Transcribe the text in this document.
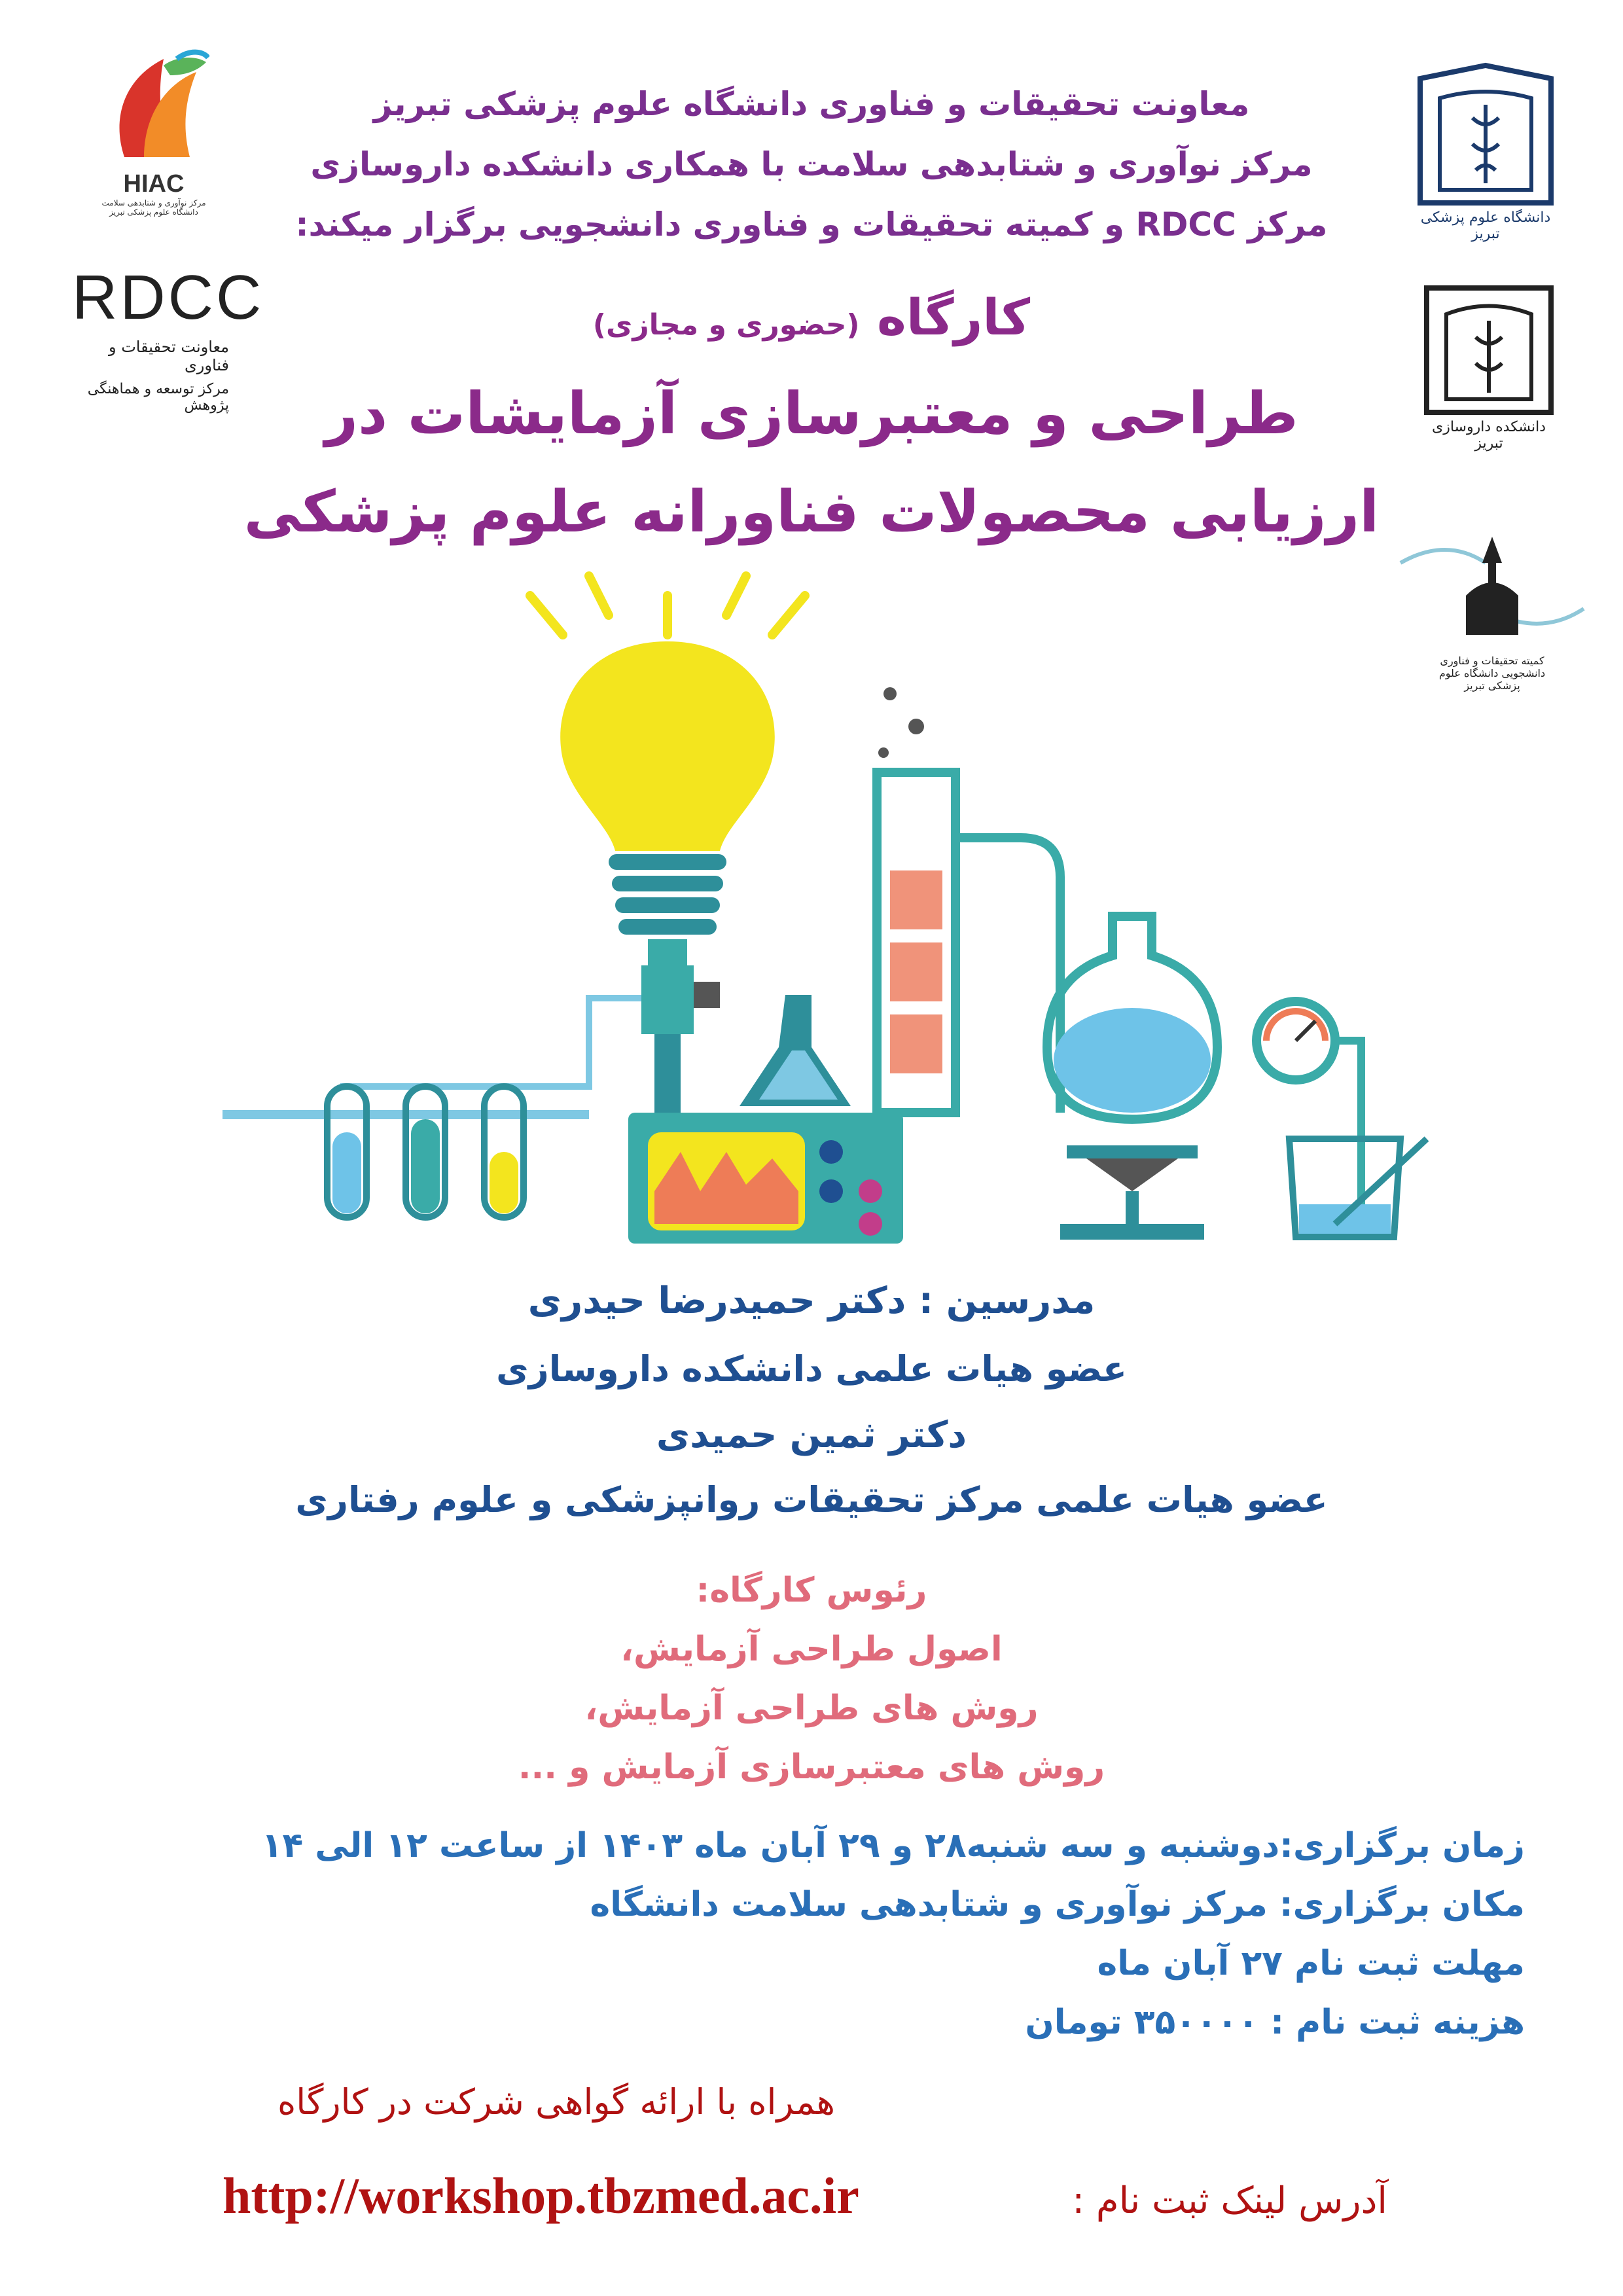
معاونت تحقیقات و فناوری دانشگاه علوم پزشکی تبریز
مرکز نوآوری و شتابدهی سلامت با همکاری دانشکده داروسازی
مرکز RDCC و کمیته تحقیقات و فناوری دانشجویی برگزار میکند:
HIAC
مرکز نوآوری و شتابدهی سلامت دانشگاه علوم پزشکی تبریز
RDCC
معاونت تحقیقات و فناوری
مرکز توسعه و هماهنگی پژوهش
دانشگاه علوم پزشکی تبریز
دانشکده داروسازی تبریز
کمیته تحقیقات و فناوری دانشجویی دانشگاه علوم پزشکی تبریز
کارگاه (حضوری و مجازی)
طراحی و معتبرسازی آزمایشات در
ارزیابی محصولات فناورانه علوم پزشکی
مدرسین : دکتر حمیدرضا حیدری
عضو هیات علمی دانشکده داروسازی
دکتر ثمین حمیدی
عضو هیات علمی مرکز تحقیقات روانپزشکی و علوم رفتاری
رئوس کارگاه:
اصول طراحی آزمایش،
روش های طراحی آزمایش،
روش های معتبرسازی آزمایش و ...
زمان برگزاری:دوشنبه و سه شنبه۲۸ و ۲۹ آبان ماه ۱۴۰۳ از ساعت ۱۲ الی ۱۴
مکان برگزاری: مرکز نوآوری و شتابدهی سلامت دانشگاه
مهلت ثبت نام ۲۷ آبان ماه
هزینه ثبت نام : ۳۵۰۰۰۰ تومان
همراه با ارائه گواهی شرکت در کارگاه
آدرس لینک ثبت نام :
http://workshop.tbzmed.ac.ir
